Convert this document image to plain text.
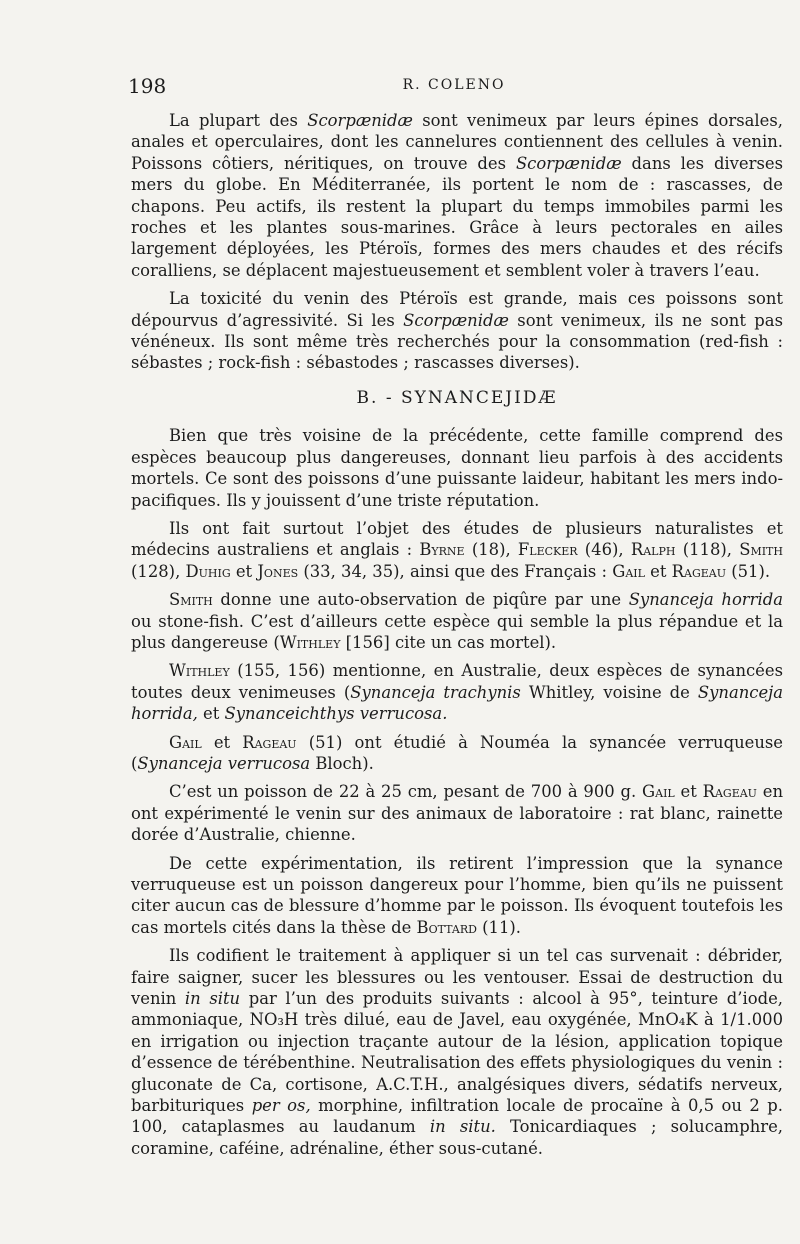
198	R. COLENO

La plupart des Scorpænidæ sont venimeux par leurs épines dorsales, anales et operculaires, dont les cannelures contiennent des cellules à venin. Poissons côtiers, néritiques, on trouve des Scorpænidæ dans les diverses mers du globe. En Méditerranée, ils portent le nom de : rascasses, de chapons. Peu actifs, ils restent la plupart du temps immobiles parmi les roches et les plantes sous-marines. Grâce à leurs pectorales en ailes largement déployées, les Ptéroïs, formes des mers chaudes et des récifs coralliens, se déplacent majestueusement et semblent voler à travers l’eau.

La toxicité du venin des Ptéroïs est grande, mais ces poissons sont dépourvus d’agressivité. Si les Scorpænidæ sont venimeux, ils ne sont pas vénéneux. Ils sont même très recherchés pour la consommation (red-fish : sébastes ; rock-fish : sébastodes ; rascasses diverses).

B. - SYNANCEJIDÆ

Bien que très voisine de la précédente, cette famille comprend des espèces beaucoup plus dangereuses, donnant lieu parfois à des accidents mortels. Ce sont des poissons d’une puissante laideur, habitant les mers indo-pacifiques. Ils y jouissent d’une triste réputation.

Ils ont fait surtout l’objet des études de plusieurs naturalistes et médecins australiens et anglais : Byrne (18), Flecker (46), Ralph (118), Smith (128), Duhig et Jones (33, 34, 35), ainsi que des Français : Gail et Rageau (51).

Smith donne une auto-observation de piqûre par une Synanceja horrida ou stone-fish. C’est d’ailleurs cette espèce qui semble la plus répandue et la plus dangereuse (Withley [156] cite un cas mortel).

Withley (155, 156) mentionne, en Australie, deux espèces de synancées toutes deux venimeuses (Synanceja trachynis Whitley, voisine de Synanceja horrida, et Synanceichthys verrucosa.

Gail et Rageau (51) ont étudié à Nouméa la synancée verruqueuse (Synanceja verrucosa Bloch).

C’est un poisson de 22 à 25 cm, pesant de 700 à 900 g. Gail et Rageau en ont expérimenté le venin sur des animaux de laboratoire : rat blanc, rainette dorée d’Australie, chienne.

De cette expérimentation, ils retirent l’impression que la synance verruqueuse est un poisson dangereux pour l’homme, bien qu’ils ne puissent citer aucun cas de blessure d’homme par le poisson. Ils évoquent toutefois les cas mortels cités dans la thèse de Bottard (11).

Ils codifient le traitement à appliquer si un tel cas survenait : débrider, faire saigner, sucer les blessures ou les ventouser. Essai de destruction du venin in situ par l’un des produits suivants : alcool à 95°, teinture d’iode, ammoniaque, NO₃H très dilué, eau de Javel, eau oxygénée, MnO₄K à 1/1.000 en irrigation ou injection traçante autour de la lésion, application topique d’essence de térébenthine. Neutralisation des effets physiologiques du venin : gluconate de Ca, cortisone, A.C.T.H., analgésiques divers, sédatifs nerveux, barbituriques per os, morphine, infiltration locale de procaïne à 0,5 ou 2 p. 100, cataplasmes au laudanum in situ. Tonicardiaques ; solucamphre, coramine, caféine, adrénaline, éther sous-cutané.
